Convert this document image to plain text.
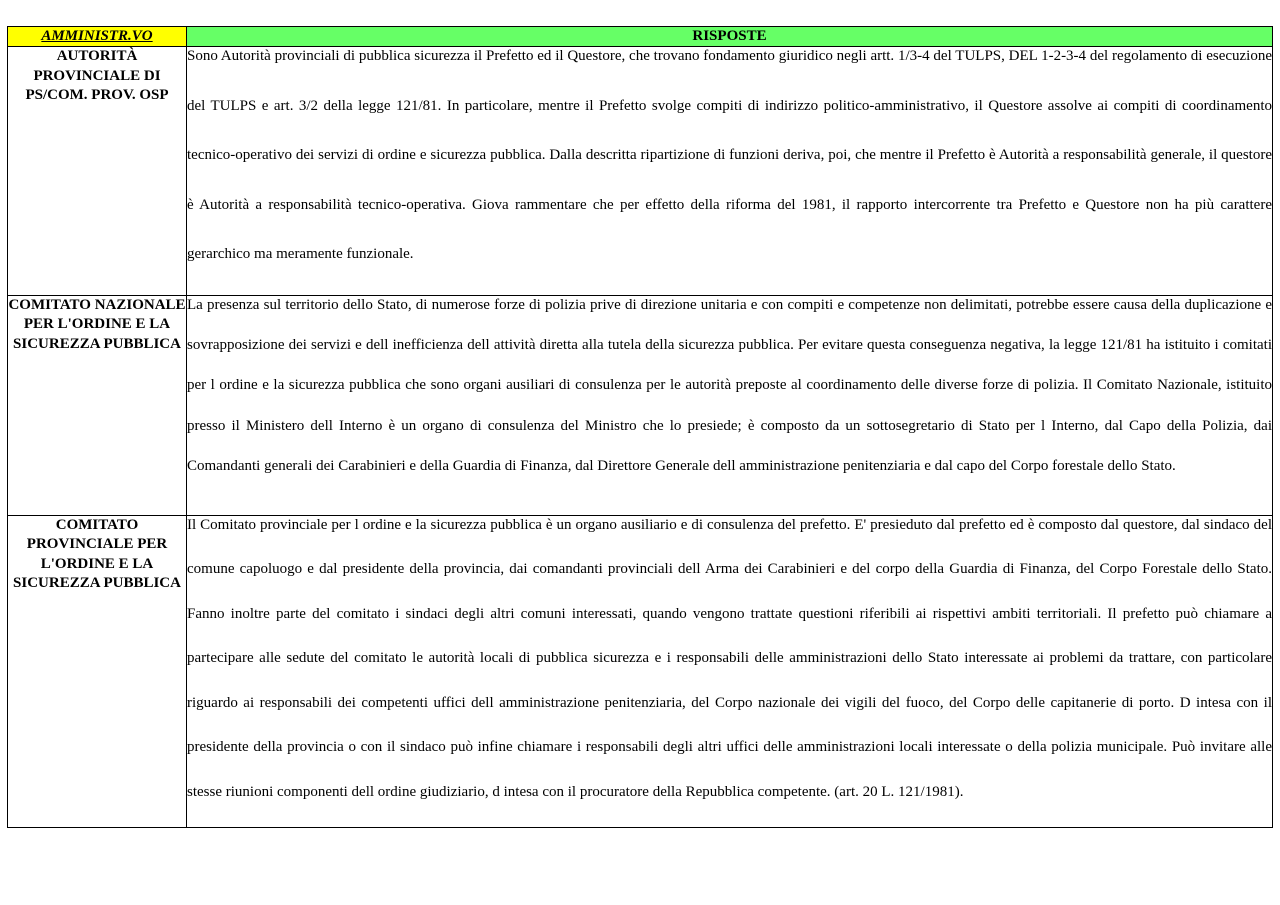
AMMINISTR.VO	RISPOSTE
AUTORITÀ PROVINCIALE DI PS/COM. PROV. OSP	Sono Autorità provinciali di pubblica sicurezza il Prefetto ed il Questore, che trovano fondamento giuridico negli artt. 1/3-4 del TULPS, DEL 1-2-3-4 del regolamento di esecuzione del TULPS e art. 3/2 della legge 121/81. In particolare, mentre il Prefetto svolge compiti di indirizzo politico-amministrativo, il Questore assolve ai compiti di coordinamento tecnico-operativo dei servizi di ordine e sicurezza pubblica. Dalla descritta ripartizione di funzioni deriva, poi, che mentre il Prefetto è Autorità a responsabilità generale, il questore è Autorità a responsabilità tecnico-operativa. Giova rammentare che per effetto della riforma del 1981, il rapporto intercorrente tra Prefetto e Questore non ha più carattere gerarchico ma meramente funzionale.

COMITATO NAZIONALE PER L'ORDINE E LA SICUREZZA PUBBLICA	La presenza sul territorio dello Stato, di numerose forze di polizia prive di direzione unitaria e con compiti e competenze non delimitati, potrebbe essere causa della duplicazione e sovrapposizione dei servizi e dell inefficienza dell attività diretta alla tutela della sicurezza pubblica. Per evitare questa conseguenza negativa, la legge 121/81 ha istituito i comitati per l ordine e la sicurezza pubblica che sono organi ausiliari di consulenza per le autorità preposte al coordinamento delle diverse forze di polizia. Il Comitato Nazionale, istituito presso il Ministero dell Interno è un organo di consulenza del Ministro che lo presiede; è composto da un sottosegretario di Stato per l Interno, dal Capo della Polizia, dai Comandanti generali dei Carabinieri e della Guardia di Finanza, dal Direttore Generale dell amministrazione penitenziaria e dal capo del Corpo forestale dello Stato.

COMITATO PROVINCIALE PER L'ORDINE E LA SICUREZZA PUBBLICA	Il Comitato provinciale per l ordine e la sicurezza pubblica è un organo ausiliario e di consulenza del prefetto. E' presieduto dal prefetto ed è composto dal questore, dal sindaco del comune capoluogo e dal presidente della provincia, dai comandanti provinciali dell Arma dei Carabinieri e del corpo della Guardia di Finanza, del Corpo Forestale dello Stato. Fanno inoltre parte del comitato i sindaci degli altri comuni interessati, quando vengono trattate questioni riferibili ai rispettivi ambiti territoriali. Il prefetto può chiamare a partecipare alle sedute del comitato le autorità locali di pubblica sicurezza e i responsabili delle amministrazioni dello Stato interessate ai problemi da trattare, con particolare riguardo ai responsabili dei competenti uffici dell amministrazione penitenziaria, del Corpo nazionale dei vigili del fuoco, del Corpo delle capitanerie di porto. D intesa con il presidente della provincia o con il sindaco può infine chiamare i responsabili degli altri uffici delle amministrazioni locali interessate o della polizia municipale. Può invitare alle stesse riunioni componenti dell ordine giudiziario, d intesa con il procuratore della Repubblica competente. (art. 20 L. 121/1981).
